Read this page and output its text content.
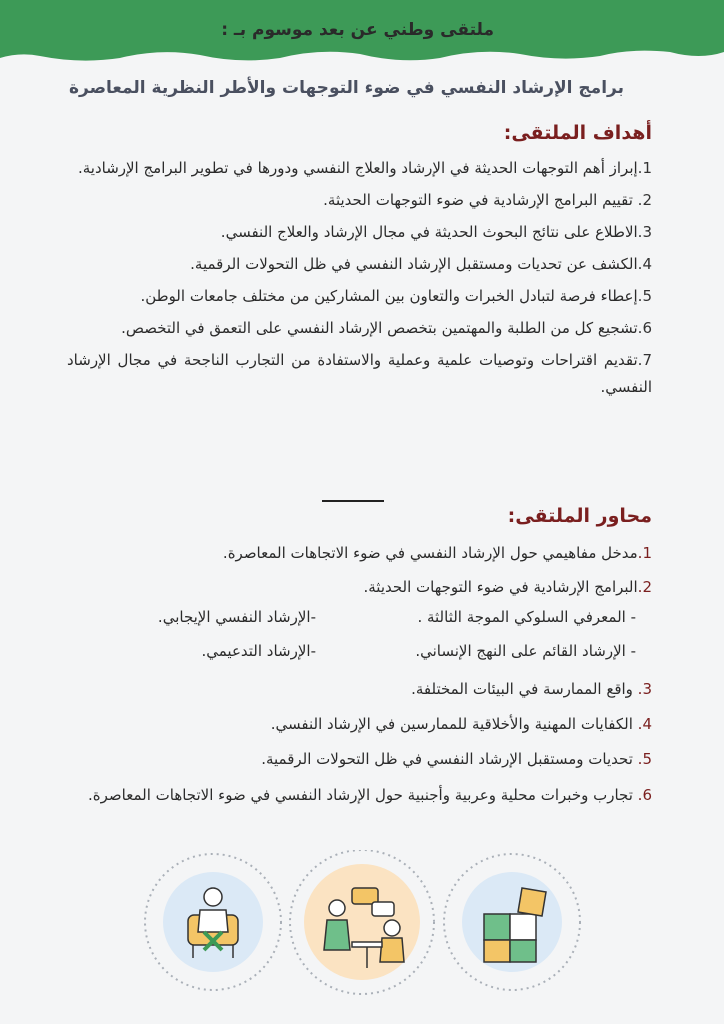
ملتقى وطني عن بعد موسوم بـ :
برامج الإرشاد النفسي في ضوء التوجهات والأطر النظرية المعاصرة
أهداف الملتقى:
1.إبراز أهم التوجهات الحديثة في الإرشاد والعلاج النفسي ودورها في تطوير البرامج الإرشادية.
2. تقييم البرامج الإرشادية في ضوء التوجهات الحديثة.
3.الاطلاع على نتائج البحوث الحديثة في مجال الإرشاد والعلاج النفسي.
4.الكشف عن تحديات ومستقبل الإرشاد النفسي في ظل التحولات الرقمية.
5.إعطاء فرصة لتبادل الخبرات والتعاون بين المشاركين من مختلف جامعات الوطن.
6.تشجيع كل من الطلبة والمهتمين بتخصص الإرشاد النفسي على التعمق في التخصص.
7.تقديم اقتراحات وتوصيات علمية وعملية والاستفادة من التجارب الناجحة في مجال الإرشاد النفسي.
محاور الملتقى:
1.مدخل مفاهيمي حول الإرشاد النفسي في ضوء الاتجاهات المعاصرة.
2.البرامج الإرشادية في ضوء التوجهات الحديثة.
- المعرفي السلوكي الموجة الثالثة .
-الإرشاد النفسي الإيجابي.
- الإرشاد القائم على النهج الإنساني.
-الإرشاد التدعيمي.
3. واقع الممارسة في البيئات المختلفة.
4. الكفايات المهنية والأخلاقية للممارسين في الإرشاد النفسي.
5. تحديات ومستقبل الإرشاد النفسي في ظل التحولات الرقمية.
6. تجارب وخبرات محلية وعربية وأجنبية حول الإرشاد النفسي في ضوء الاتجاهات المعاصرة.
